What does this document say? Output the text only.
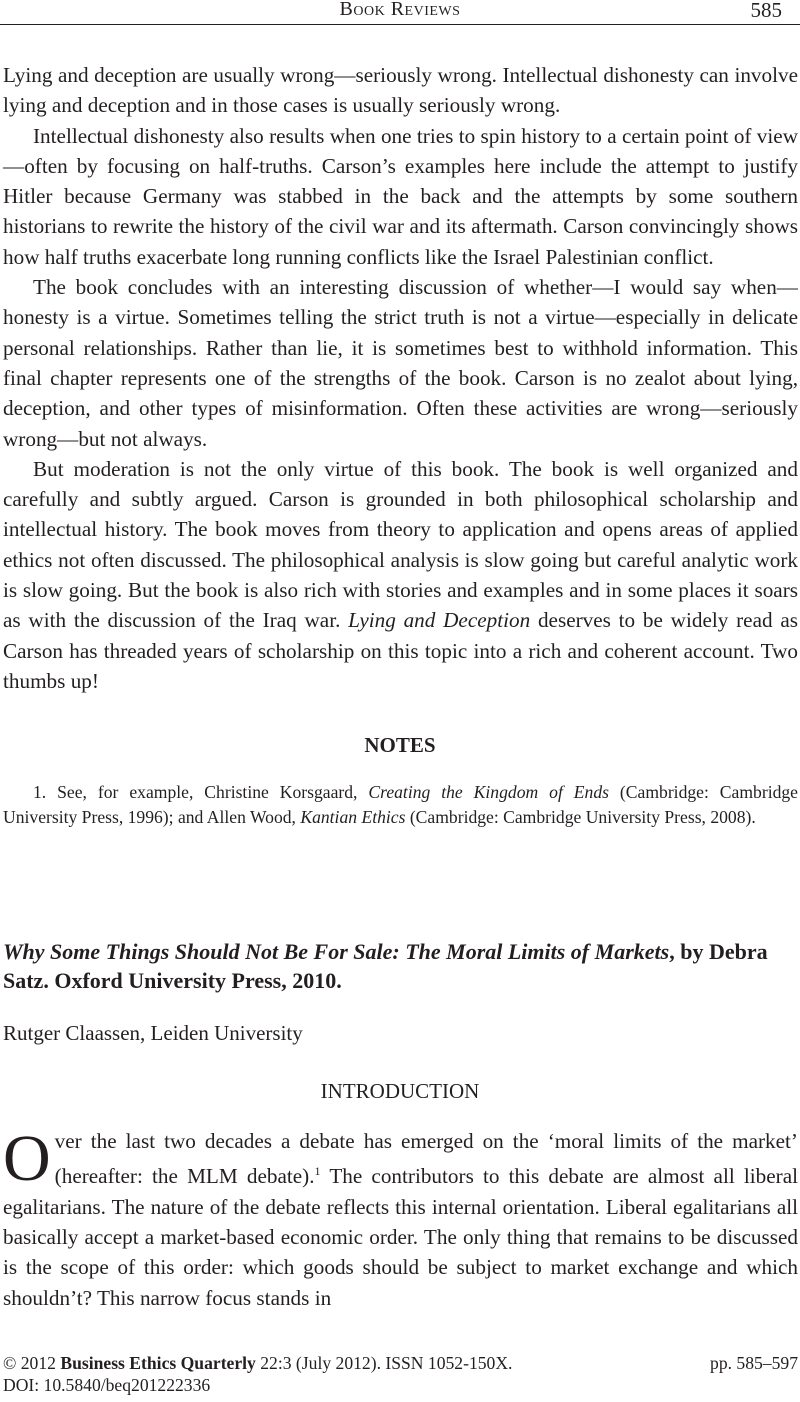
Book Reviews	585

Lying and deception are usually wrong—seriously wrong. Intellectual dishonesty can involve lying and deception and in those cases is usually seriously wrong.

Intellectual dishonesty also results when one tries to spin history to a certain point of view—often by focusing on half-truths. Carson’s examples here include the attempt to justify Hitler because Germany was stabbed in the back and the attempts by some southern historians to rewrite the history of the civil war and its aftermath. Carson convincingly shows how half truths exacerbate long running conflicts like the Israel Palestinian conflict.

The book concludes with an interesting discussion of whether—I would say when—honesty is a virtue. Sometimes telling the strict truth is not a virtue—especially in delicate personal relationships. Rather than lie, it is sometimes best to withhold information. This final chapter represents one of the strengths of the book. Carson is no zealot about lying, deception, and other types of misinformation. Often these activities are wrong—seriously wrong—but not always.

But moderation is not the only virtue of this book. The book is well organized and carefully and subtly argued. Carson is grounded in both philosophical scholarship and intellectual history. The book moves from theory to application and opens areas of applied ethics not often discussed. The philosophical analysis is slow going but careful analytic work is slow going. But the book is also rich with stories and examples and in some places it soars as with the discussion of the Iraq war. Lying and Deception deserves to be widely read as Carson has threaded years of scholarship on this topic into a rich and coherent account. Two thumbs up!

NOTES

1. See, for example, Christine Korsgaard, Creating the Kingdom of Ends (Cambridge: Cambridge University Press, 1996); and Allen Wood, Kantian Ethics (Cambridge: Cambridge University Press, 2008).

Why Some Things Should Not Be For Sale: The Moral Limits of Markets, by Debra Satz. Oxford University Press, 2010.

Rutger Claassen, Leiden University

INTRODUCTION

Over the last two decades a debate has emerged on the ‘moral limits of the market’ (hereafter: the MLM debate).$^1$ The contributors to this debate are almost all liberal egalitarians. The nature of the debate reflects this internal orientation. Liberal egalitarians all basically accept a market-based economic order. The only thing that remains to be discussed is the scope of this order: which goods should be subject to market exchange and which shouldn’t? This narrow focus stands in

© 2012 Business Ethics Quarterly 22:3 (July 2012). ISSN 1052-150X.	pp. 585–597
DOI: 10.5840/beq201222336
